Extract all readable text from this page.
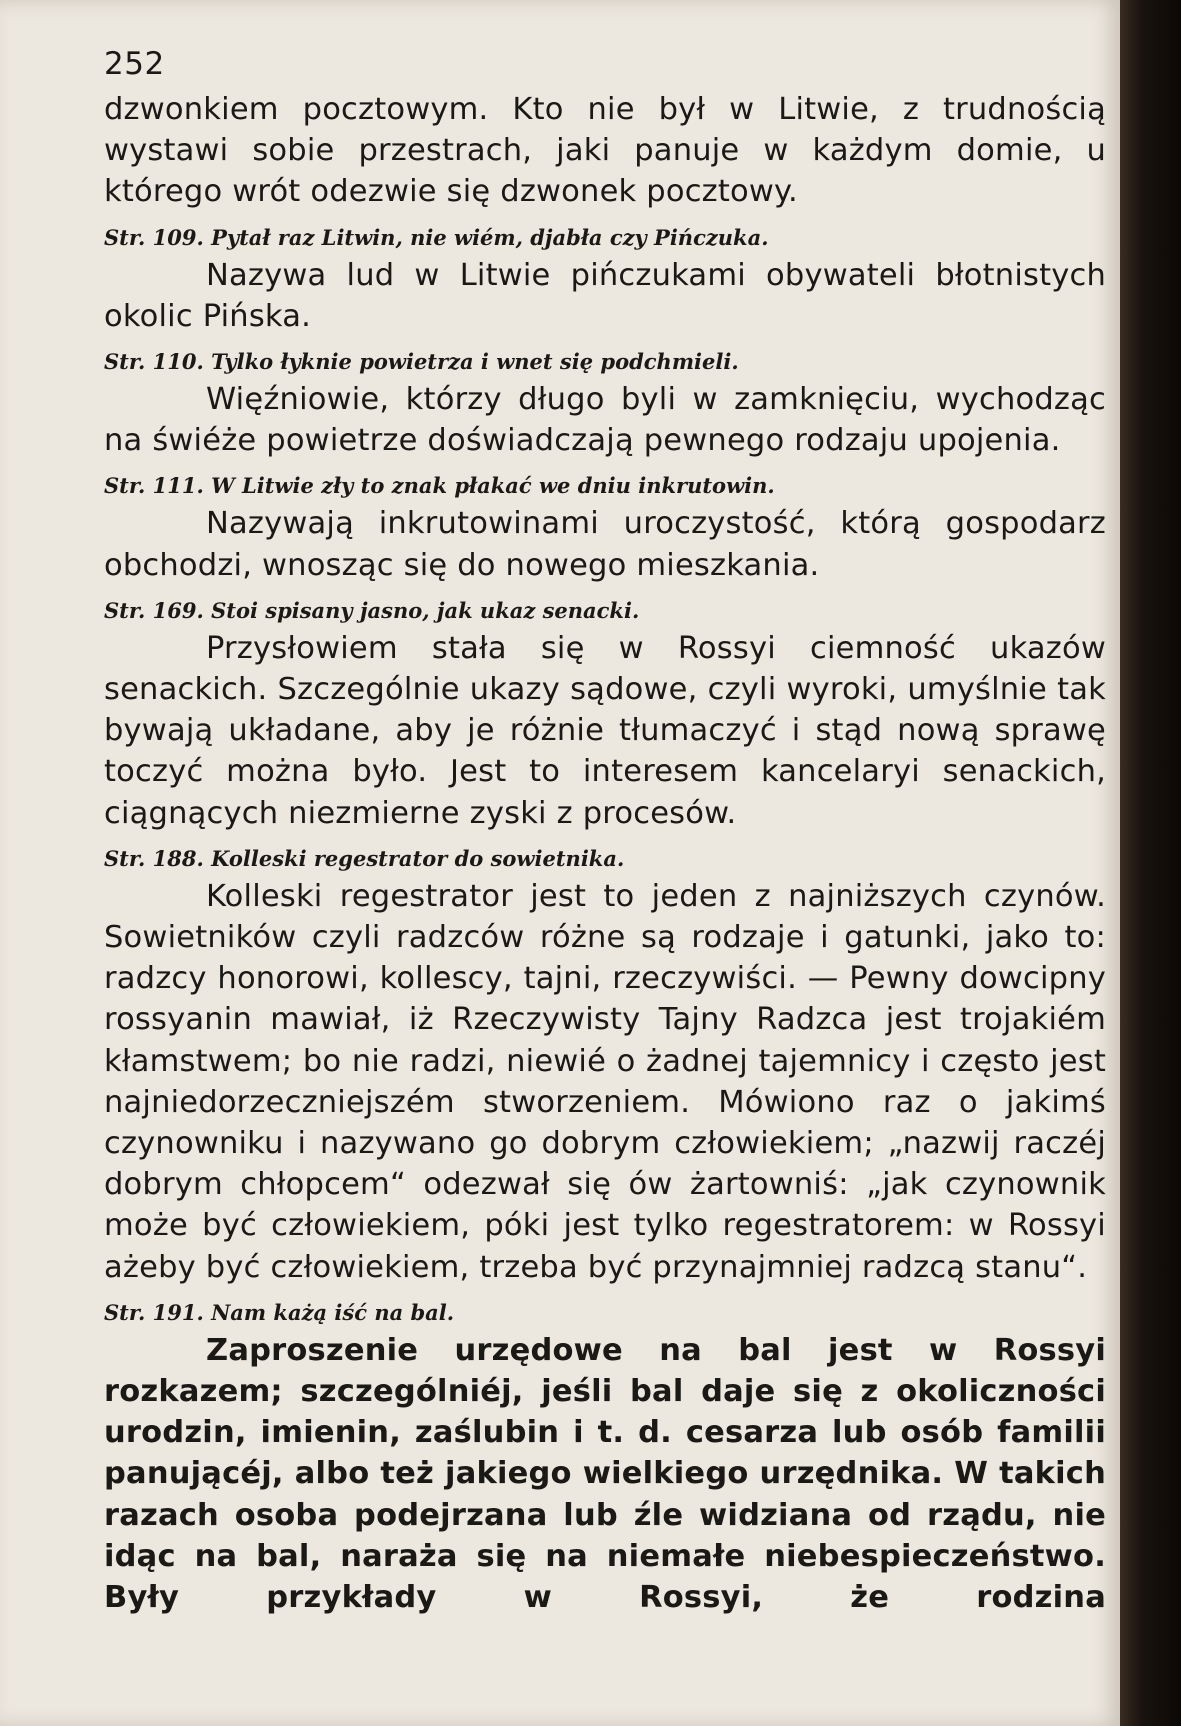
252

dzwonkiem pocztowym. Kto nie był w Litwie, z trudnością wystawi sobie przestrach, jaki panuje w każdym domie, u którego wrót odezwie się dzwonek pocztowy.

Str. 109. Pytał raz Litwin, nie wiém, djabła czy Pińczuka.

Nazywa lud w Litwie pińczukami obywateli błotnistych okolic Pińska.

Str. 110. Tylko łyknie powietrza i wnet się podchmieli.

Więźniowie, którzy długo byli w zamknięciu, wychodząc na świéże powietrze doświadczają pewnego rodzaju upojenia.

Str. 111. W Litwie zły to znak płakać we dniu inkrutowin.

Nazywają inkrutowinami uroczystość, którą gospodarz obchodzi, wnosząc się do nowego mieszkania.

Str. 169. Stoi spisany jasno, jak ukaz senacki.

Przysłowiem stała się w Rossyi ciemność ukazów senackich. Szczególnie ukazy sądowe, czyli wyroki, umyślnie tak bywają układane, aby je różnie tłumaczyć i stąd nową sprawę toczyć można było. Jest to interesem kancelaryi senackich, ciągnących niezmierne zyski z procesów.

Str. 188. Kolleski regestrator do sowietnika.

Kolleski regestrator jest to jeden z najniższych czynów. Sowietników czyli radzców różne są rodzaje i gatunki, jako to: radzcy honorowi, kollescy, tajni, rzeczywiści. — Pewny dowcipny rossyanin mawiał, iż Rzeczywisty Tajny Radzca jest trojakiém kłamstwem; bo nie radzi, niewié o żadnej tajemnicy i często jest najniedorzeczniejszém stworzeniem. Mówiono raz o jakimś czynowniku i nazywano go dobrym człowiekiem; „nazwij raczéj dobrym chłopcem“ odezwał się ów żartowniś: „jak czynownik może być człowiekiem, póki jest tylko regestratorem: w Rossyi ażeby być człowiekiem, trzeba być przynajmniej radzcą stanu“.

Str. 191. Nam każą iść na bal.

Zaproszenie urzędowe na bal jest w Rossyi rozkazem; szczególniéj, jeśli bal daje się z okoliczności urodzin, imienin, zaślubin i t. d. cesarza lub osób familii panującéj, albo też jakiego wielkiego urzędnika. W takich razach osoba podejrzana lub źle widziana od rządu, nie idąc na bal, naraża się na niemałe niebespieczeństwo. Były przykłady w Rossyi, że rodzina
